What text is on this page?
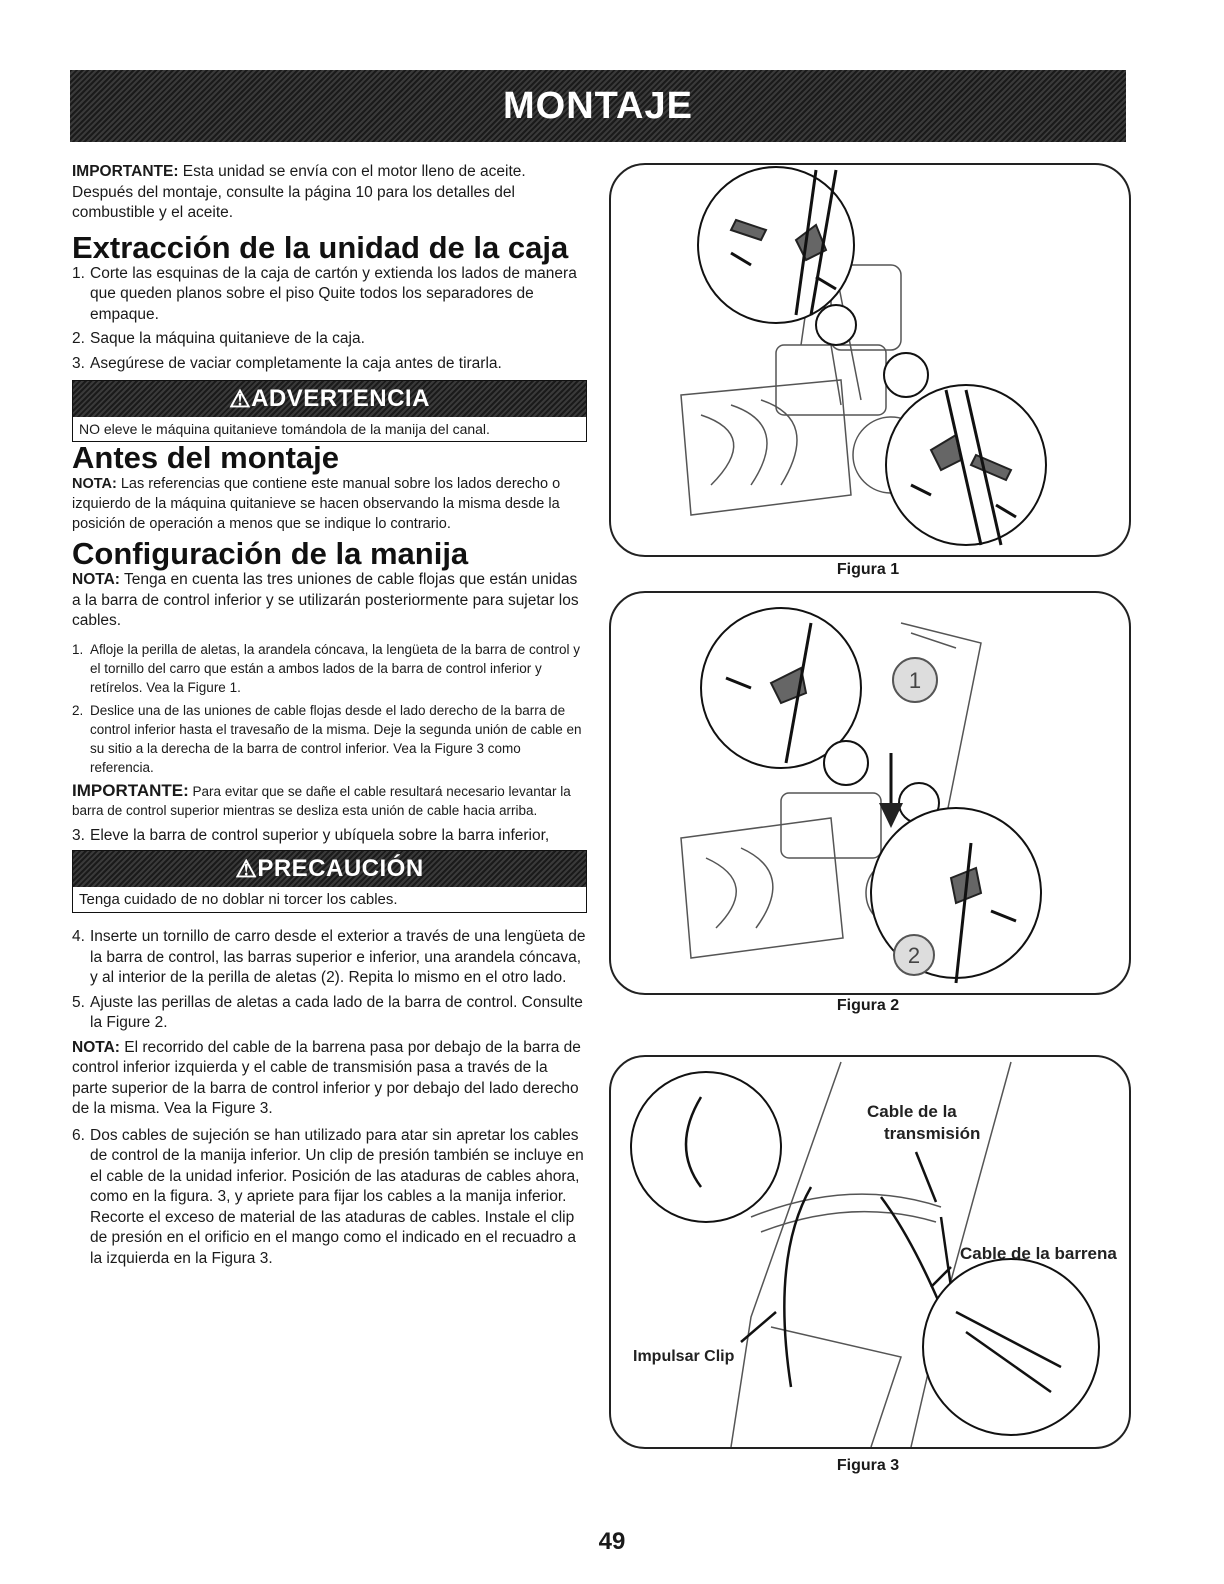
MONTAJE

IMPORTANTE: Esta unidad se envía con el motor lleno de aceite. Después del montaje, consulte la página 10 para los detalles del combustible y el aceite.

Extracción de la unidad de la caja
1. Corte las esquinas de la caja de cartón y extienda los lados de manera que queden planos sobre el piso Quite todos los separadores de empaque.
2. Saque la máquina quitanieve de la caja.
3. Asegúrese de vaciar completamente la caja antes de tirarla.
⚠ ADVERTENCIA
NO eleve le máquina quitanieve tomándola de la manija del canal.
Antes del montaje

NOTA: Las referencias que contiene este manual sobre los lados derecho o izquierdo de la máquina quitanieve se hacen observando la misma desde la posición de operación a menos que se indique lo contrario.

Configuración de la manija

NOTA: Tenga en cuenta las tres uniones de cable flojas que están unidas a la barra de control inferior y se utilizarán posteriormente para sujetar los cables.

1. Afloje la perilla de aletas, la arandela cóncava, la lengüeta de la barra de control y el tornillo del carro que están a ambos lados de la barra de control inferior y retírelos. Vea la Figure 1.
2. Deslice una de las uniones de cable flojas desde el lado derecho de la barra de control inferior hasta el travesaño de la misma. Deje la segunda unión de cable en su sitio a la derecha de la barra de control inferior. Vea la Figure 3 como referencia.

IMPORTANTE: Para evitar que se dañe el cable resultará necesario levantar la barra de control superior mientras se desliza esta unión de cable hacia arriba.

3. Eleve la barra de control superior y ubíquela sobre la barra inferior,
⚠ PRECAUCIÓN
Tenga cuidado de no doblar ni torcer los cables.
4. Inserte un tornillo de carro desde el exterior a través de una lengüeta de la barra de control, las barras superior e inferior, una arandela cóncava, y al interior de la perilla de aletas (2). Repita lo mismo en el otro lado.
5. Ajuste las perillas de aletas a cada lado de la barra de control. Consulte la Figure 2.

NOTA: El recorrido del cable de la barrena pasa por debajo de la barra de control inferior izquierda y el cable de transmisión pasa a través de la parte superior de la barra de control inferior y por debajo del lado derecho de la misma. Vea la Figure 3.

6. Dos cables de sujeción se han utilizado para atar sin apretar los cables de control de la manija inferior. Un clip de presión también se incluye en el cable de la unidad inferior. Posición de las ataduras de cables ahora, como en la figura. 3, y apriete para fijar los cables a la manija inferior. Recorte el exceso de material de las ataduras de cables. Instale el clip de presión en el orificio en el mango como el indicado en el recuadro a la izquierda en la Figura 3.
Figura 1
1
2
Figura 2
Cable de la
transmisión
Cable de la barrena
Impulsar Clip
Figura 3
49
